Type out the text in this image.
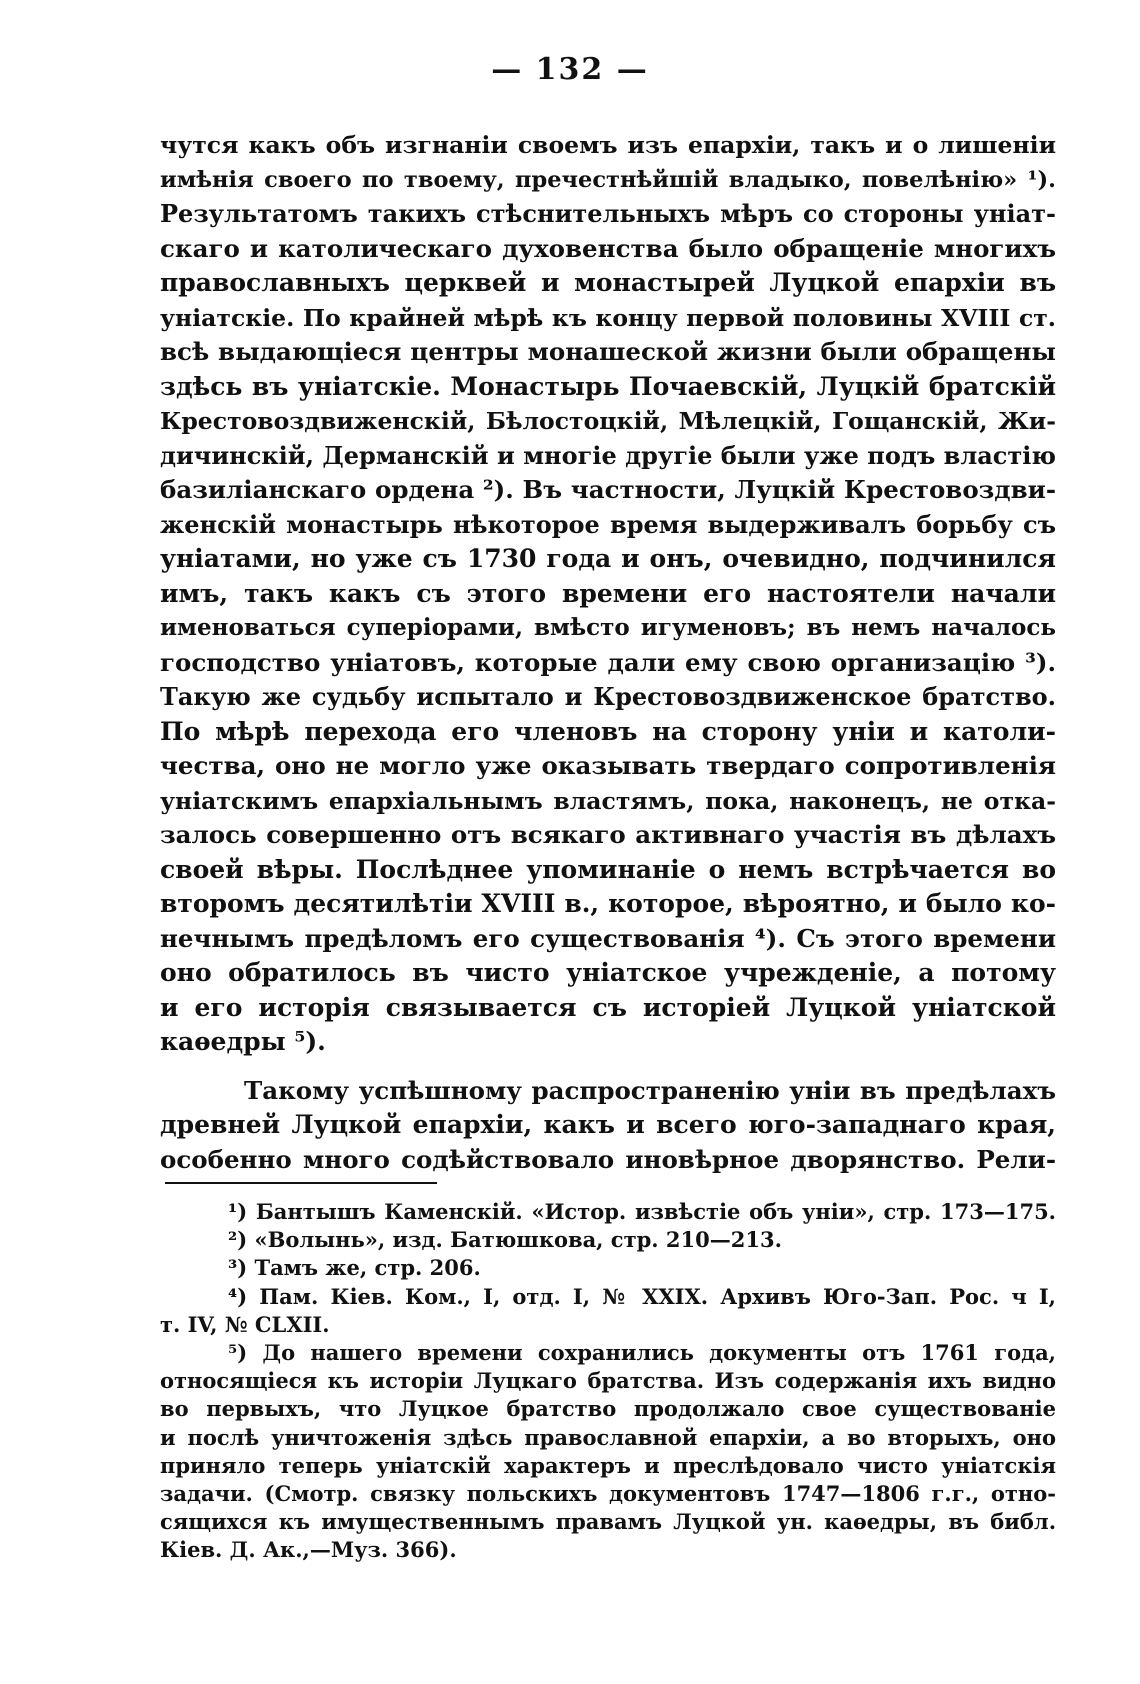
— 132 —
чутся какъ объ изгнаніи своемъ изъ епархіи, такъ и о лишеніи
имѣнія своего по твоему, пречестнѣйшій владыко, повелѣнію» ¹).
Результатомъ такихъ стѣснительныхъ мѣръ со стороны уніат-
скаго и католическаго духовенства было обращеніе многихъ
православныхъ церквей и монастырей Луцкой епархіи въ
уніатскіе. По крайней мѣрѣ къ концу первой половины XVIII ст.
всѣ выдающіеся центры монашеской жизни были обращены
здѣсь въ уніатскіе. Монастырь Почаевскій, Луцкій братскій
Крестовоздвиженскій, Бѣлостоцкій, Мѣлецкій, Гощанскій, Жи-
дичинскій, Дерманскій и многіе другіе были уже подъ властію
базиліанскаго ордена ²). Въ частности, Луцкій Крестовоздви-
женскій монастырь нѣкоторое время выдерживалъ борьбу съ
уніатами, но уже съ 1730 года и онъ, очевидно, подчинился
имъ, такъ какъ съ этого времени его настоятели начали
именоваться суперіорами, вмѣсто игуменовъ; въ немъ началось
господство уніатовъ, которые дали ему свою организацію ³).
Такую же судьбу испытало и Крестовоздвиженское братство.
По мѣрѣ перехода его членовъ на сторону уніи и католи-
чества, оно не могло уже оказывать твердаго сопротивленія
уніатскимъ епархіальнымъ властямъ, пока, наконецъ, не отка-
залось совершенно отъ всякаго активнаго участія въ дѣлахъ
своей вѣры. Послѣднее упоминаніе о немъ встрѣчается во
второмъ десятилѣтіи XVIII в., которое, вѣроятно, и было ко-
нечнымъ предѣломъ его существованія ⁴). Съ этого времени
оно обратилось въ чисто уніатское учрежденіе, а потому
и его исторія связывается съ исторіей Луцкой уніатской
каѳедры ⁵).
Такому успѣшному распространенію уніи въ предѣлахъ
древней Луцкой епархіи, какъ и всего юго-западнаго края,
особенно много содѣйствовало иновѣрное дворянство. Рели-
¹) Бантышъ Каменскій. «Истор. извѣстіе объ уніи», стр. 173—175.
²) «Волынь», изд. Батюшкова, стр. 210—213.
³) Тамъ же, стр. 206.
⁴) Пам. Кіев. Ком., I, отд. I, № XXIX. Архивъ Юго-Зап. Рос. ч I,
т. IV, № CLXII.
⁵) До нашего времени сохранились документы отъ 1761 года,
относящіеся къ исторіи Луцкаго братства. Изъ содержанія ихъ видно
во первыхъ, что Луцкое братство продолжало свое существованіе
и послѣ уничтоженія здѣсь православной епархіи, а во вторыхъ, оно
приняло теперь уніатскій характеръ и преслѣдовало чисто уніатскія
задачи. (Смотр. связку польскихъ документовъ 1747—1806 г.г., отно-
сящихся къ имущественнымъ правамъ Луцкой ун. каѳедры, въ библ.
Кіев. Д. Ак.,—Муз. 366).
